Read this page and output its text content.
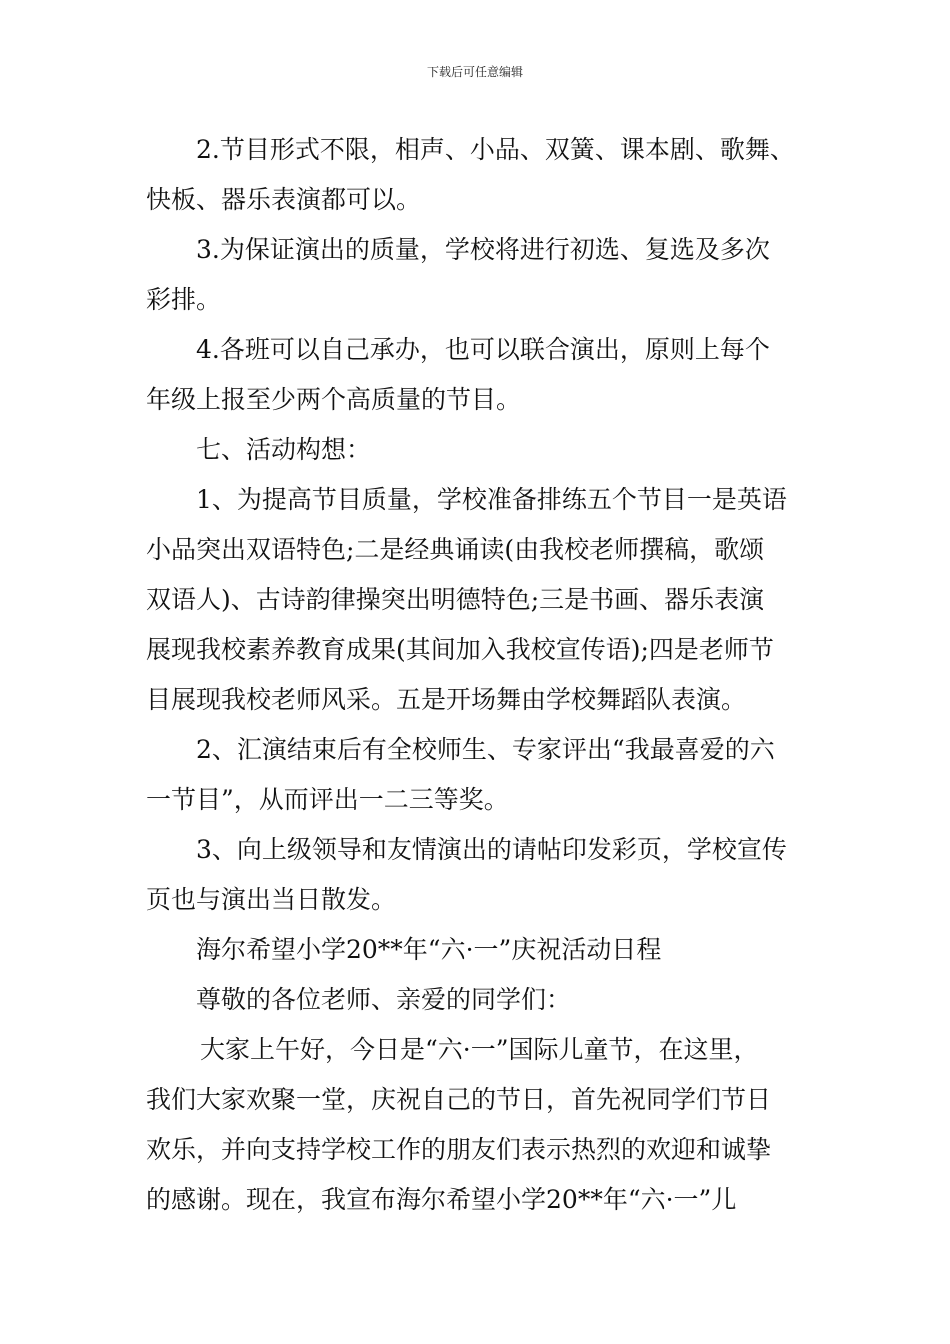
下载后可任意编辑
2.节目形式不限，相声、小品、双簧、课本剧、歌舞、
快板、器乐表演都可以。
3.为保证演出的质量，学校将进行初选、复选及多次
彩排。
4.各班可以自己承办，也可以联合演出，原则上每个
年级上报至少两个高质量的节目。
七、活动构想：
1、为提高节目质量，学校准备排练五个节目一是英语
小品突出双语特色;二是经典诵读(由我校老师撰稿，歌颂
双语人)、古诗韵律操突出明德特色;三是书画、器乐表演
展现我校素养教育成果(其间加入我校宣传语);四是老师节
目展现我校老师风采。五是开场舞由学校舞蹈队表演。
2、汇演结束后有全校师生、专家评出“我最喜爱的六
一节目”，从而评出一二三等奖。
3、向上级领导和友情演出的请帖印发彩页，学校宣传
页也与演出当日散发。
海尔希望小学20**年“六·一”庆祝活动日程
尊敬的各位老师、亲爱的同学们：
大家上午好，今日是“六·一”国际儿童节，在这里，
我们大家欢聚一堂，庆祝自己的节日，首先祝同学们节日
欢乐，并向支持学校工作的朋友们表示热烈的欢迎和诚挚
的感谢。现在，我宣布海尔希望小学20**年“六·一”儿
